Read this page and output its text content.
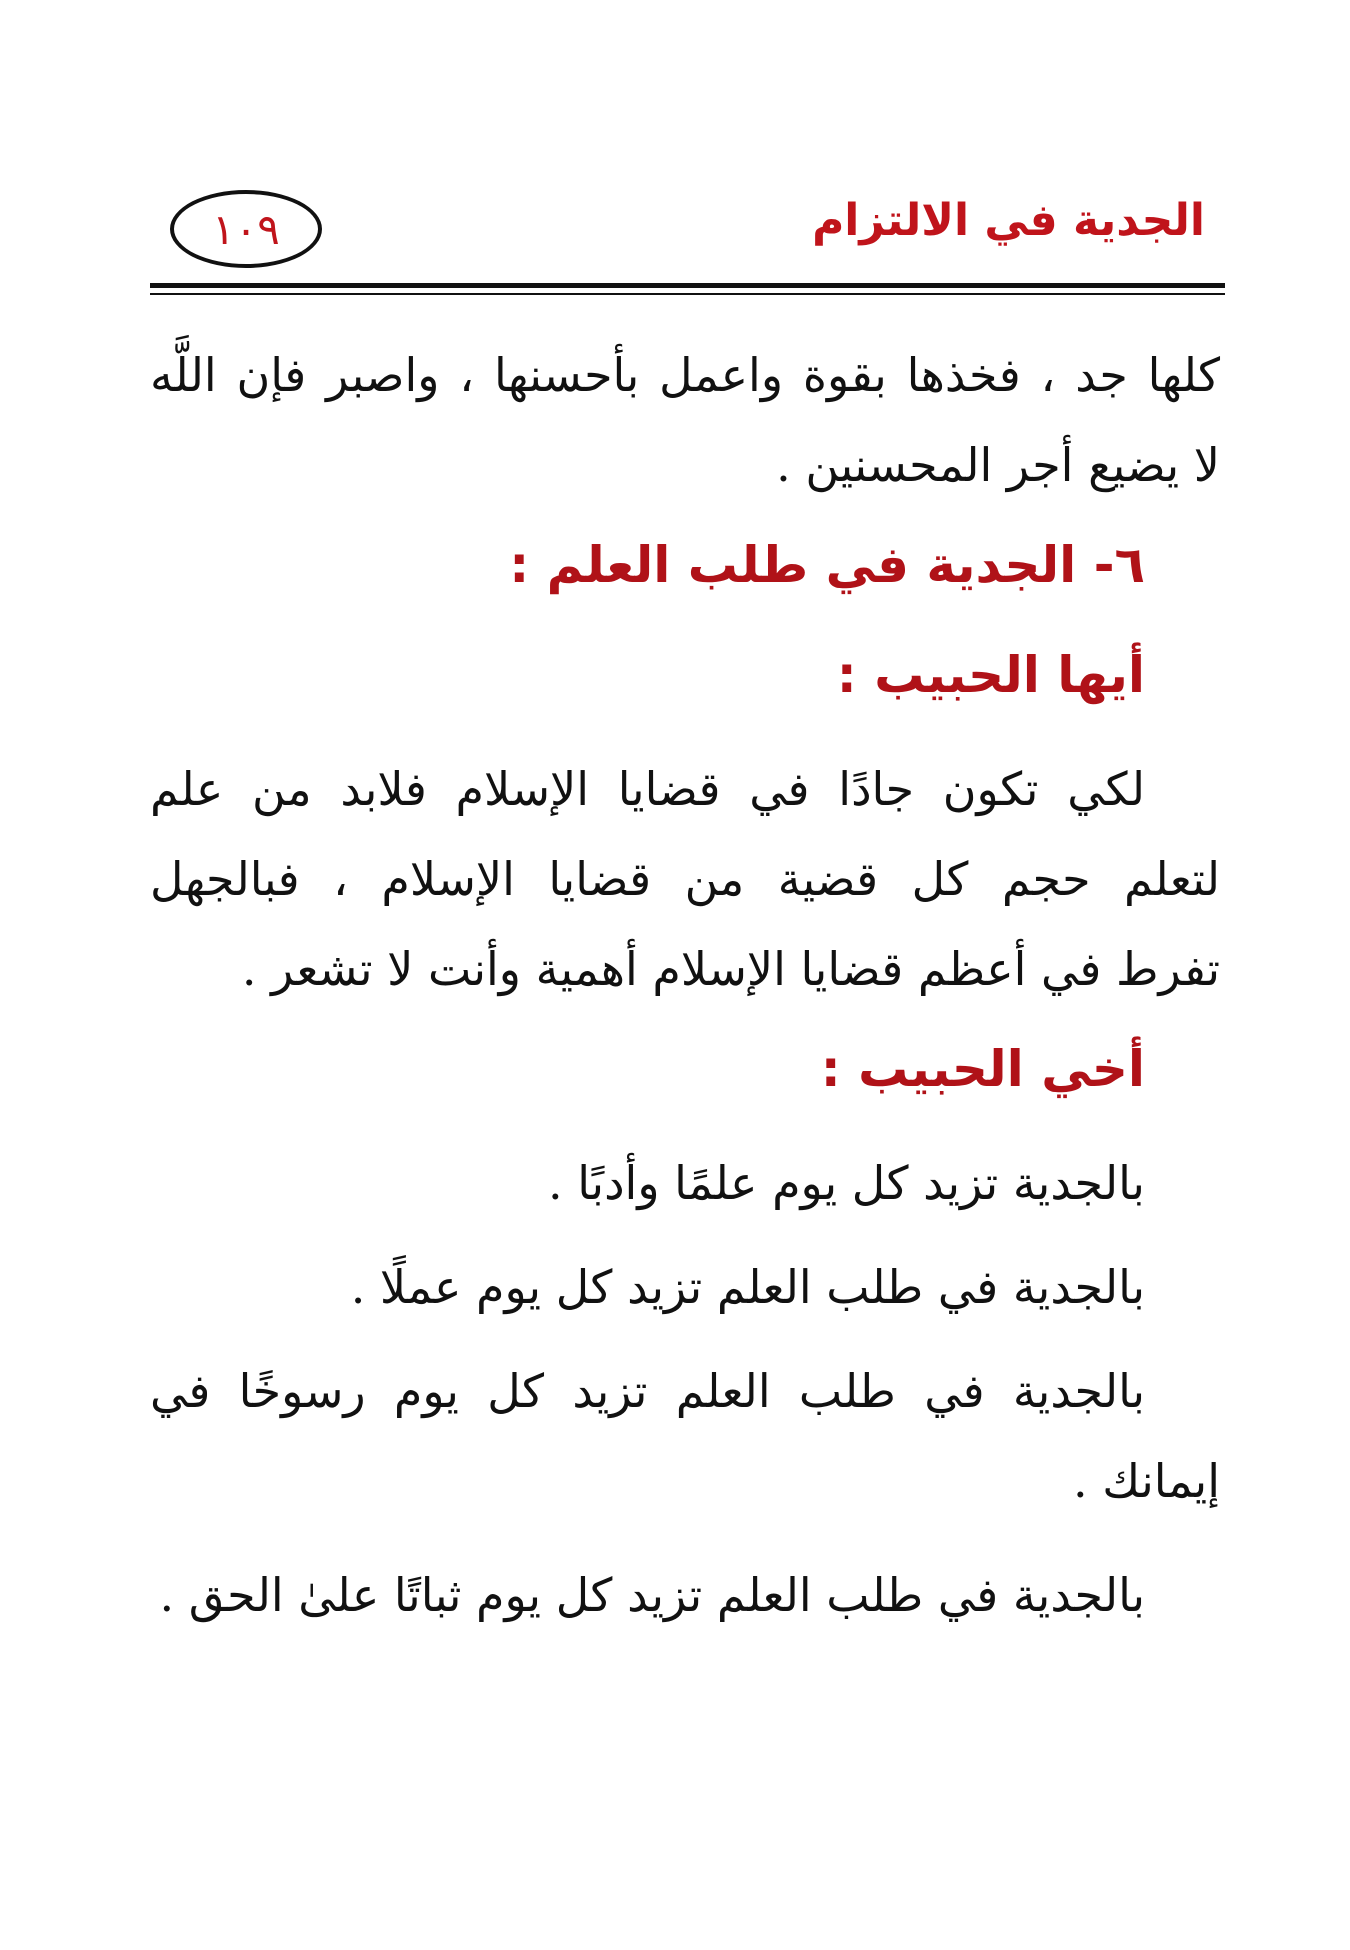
الجدية في الالتزام
١٠٩
كلها جد ، فخذها بقوة واعمل بأحسنها ، واصبر فإن اللَّه
لا يضيع أجر المحسنين .
٦- الجدية في طلب العلم :
أيها الحبيب :
لكي تكون جادًا في قضايا الإسلام فلابد من علم
لتعلم حجم كل قضية من قضايا الإسلام ، فبالجهل
تفرط في أعظم قضايا الإسلام أهمية وأنت لا تشعر .
أخي الحبيب :
بالجدية تزيد كل يوم علمًا وأدبًا .
بالجدية في طلب العلم تزيد كل يوم عملًا .
بالجدية في طلب العلم تزيد كل يوم رسوخًا في
إيمانك .
بالجدية في طلب العلم تزيد كل يوم ثباتًا علىٰ الحق .
